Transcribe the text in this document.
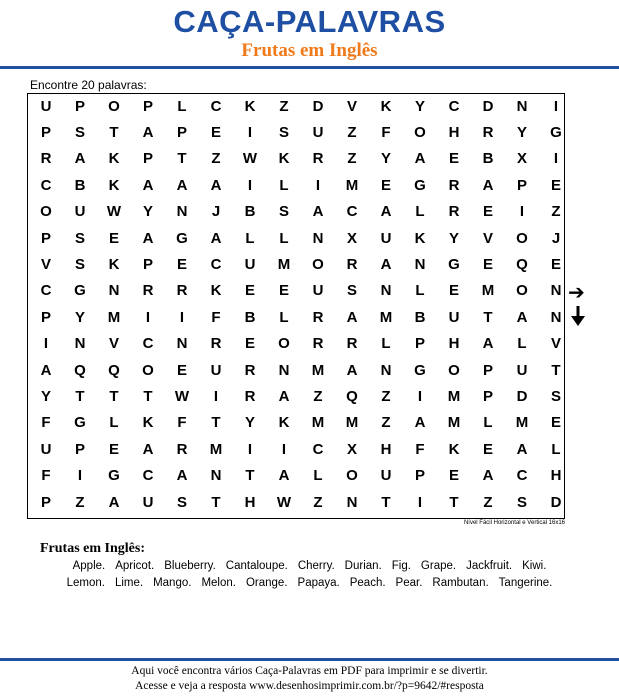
CAÇA-PALAVRAS
Frutas em Inglês
Encontre 20 palavras:
U	P	O	P	L	C	K	Z	D	V	K	Y	C	D	N	I
P	S	T	A	P	E	I	S	U	Z	F	O	H	R	Y	G
R	A	K	P	T	Z	W	K	R	Z	Y	A	E	B	X	I
C	B	K	A	A	A	I	L	I	M	E	G	R	A	P	E
O	U	W	Y	N	J	B	S	A	C	A	L	R	E	I	Z
P	S	E	A	G	A	L	L	N	X	U	K	Y	V	O	J
V	S	K	P	E	C	U	M	O	R	A	N	G	E	Q	E
C	G	N	R	R	K	E	E	U	S	N	L	E	M	O	N
P	Y	M	I	I	F	B	L	R	A	M	B	U	T	A	N
I	N	V	C	N	R	E	O	R	R	L	P	H	A	L	V
A	Q	Q	O	E	U	R	N	M	A	N	G	O	P	U	T
Y	T	T	T	W	I	R	A	Z	Q	Z	I	M	P	D	S
F	G	L	K	F	T	Y	K	M	M	Z	A	M	L	M	E
U	P	E	A	R	M	I	I	C	X	H	F	K	E	A	L
F	I	G	C	A	N	T	A	L	O	U	P	E	A	C	H
P	Z	A	U	S	T	H	W	Z	N	T	I	T	Z	S	D
Nível Fácil Horizontal e Vertical 16x16
➔
Frutas em Inglês:
Apple. Apricot. Blueberry. Cantaloupe. Cherry. Durian. Fig. Grape. Jackfruit. Kiwi.
Lemon. Lime. Mango. Melon. Orange. Papaya. Peach. Pear. Rambutan. Tangerine.
Aqui você encontra vários Caça-Palavras em PDF para imprimir e se divertir.
Acesse e veja a resposta www.desenhosimprimir.com.br/?p=9642/#resposta
